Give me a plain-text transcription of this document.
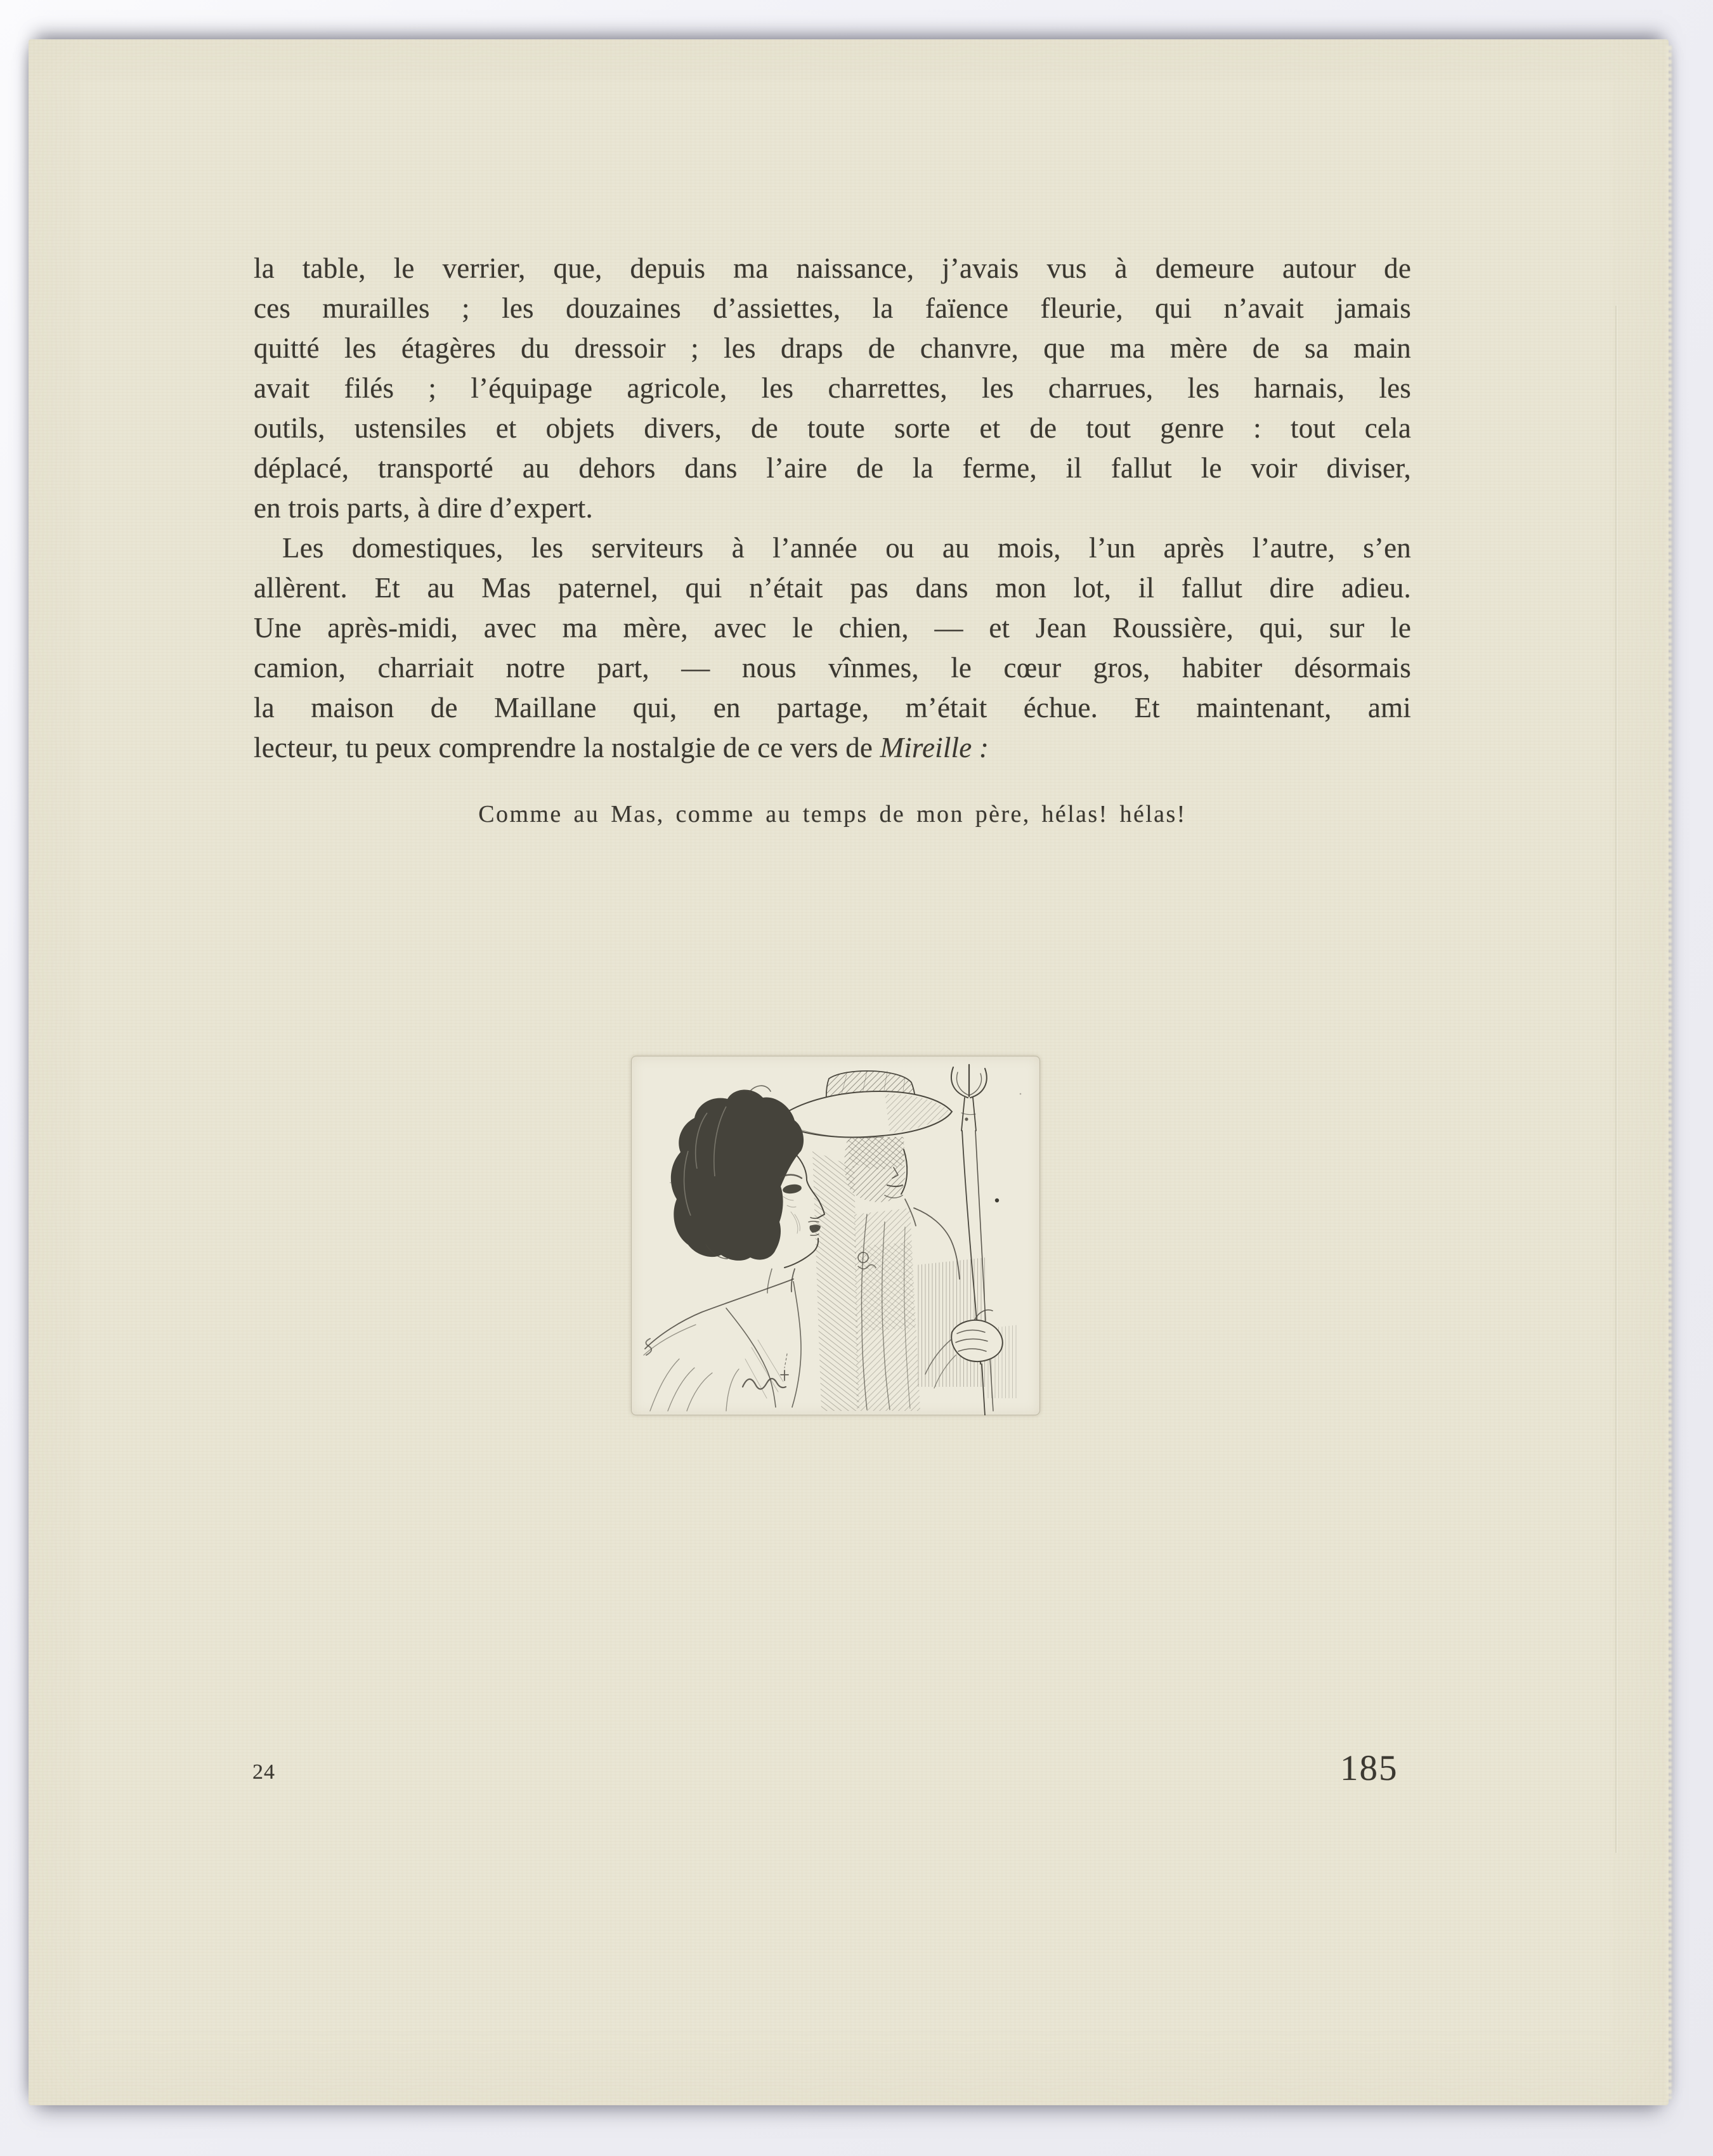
la table, le verrier, que, depuis ma naissance, j’avais vus à demeure autour de
ces murailles ; les douzaines d’assiettes, la faïence fleurie, qui n’avait jamais
quitté les étagères du dressoir ; les draps de chanvre, que ma mère de sa main
avait filés ; l’équipage agricole, les charrettes, les charrues, les harnais, les
outils, ustensiles et objets divers, de toute sorte et de tout genre : tout cela
déplacé, transporté au dehors dans l’aire de la ferme, il fallut le voir diviser,
en trois parts, à dire d’expert.
Les domestiques, les serviteurs à l’année ou au mois, l’un après l’autre, s’en
allèrent. Et au Mas paternel, qui n’était pas dans mon lot, il fallut dire adieu.
Une après-midi, avec ma mère, avec le chien, — et Jean Roussière, qui, sur le
camion, charriait notre part, — nous vînmes, le cœur gros, habiter désormais
la maison de Maillane qui, en partage, m’était échue. Et maintenant, ami
lecteur, tu peux comprendre la nostalgie de ce vers de Mireille :
Comme au Mas, comme au temps de mon père, hélas! hélas!
24	185
